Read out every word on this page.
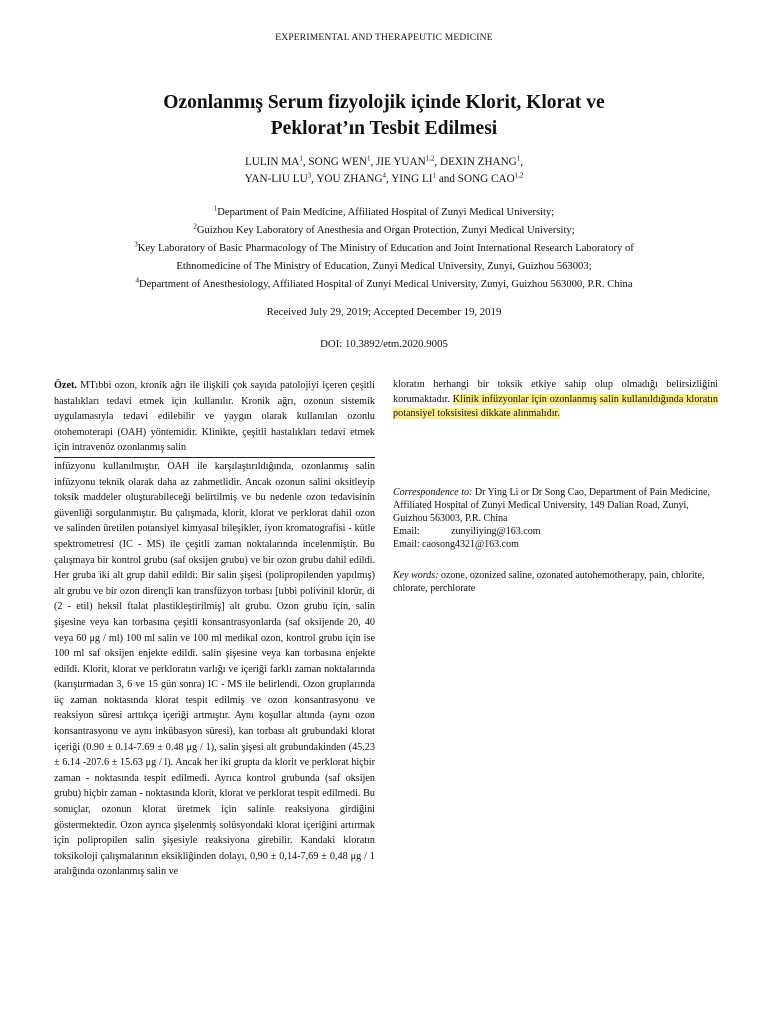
EXPERIMENTAL AND THERAPEUTIC MEDICINE
Ozonlanmış Serum fizyolojik içinde Klorit, Klorat ve
Peklorat’ın Tesbit Edilmesi
LULIN $MA^1$, SONG WEN$^1$, JIE YUAN$^{1,2}$, DEXIN ZHANG$^1$,
YAN-LIU $LU^3$, YOU ZHANG$^4$, YING $LI^1$ and SONG CAO$^{1,2}$
$^1$Department of Pain Medicine, Affiliated Hospital of Zunyi Medical University;
$^2$Guizhou Key Laboratory of Anesthesia and Organ Protection, Zunyi Medical University;
$^3$Key Laboratory of Basic Pharmacology of The Ministry of Education and Joint International Research Laboratory of
Ethnomedicine of The Ministry of Education, Zunyi Medical University, Zunyi, Guizhou 563003;
$^4$Department of Anesthesiology, Affiliated Hospital of Zunyi Medical University, Zunyi, Guizhou 563000, P.R. China
Received July 29, 2019; Accepted December 19, 2019
DOI: 10.3892/etm.2020.9005

Özet. MTıbbi ozon, kronik ağrı ile ilişkili çok sayıda patolojiyi içeren çeşitli hastalıkları tedavi etmek için kullanılır. Kronik ağrı, ozonun sistemik uygulamasıyla tedavi edilebilir ve yaygın olarak kullanılan ozonlu otohemoterapi (OAH) yöntemidir. Klinikte, çeşitli hastalıkları tedavi etmek için intravenöz ozonlanmış salin

infüzyonu kullanılmıştır. OAH ile karşılaştırıldığında, ozonlanmış salin infüzyonu teknik olarak daha az zahmetlidir. Ancak ozonun salini oksitleyip toksik maddeler oluşturabileceği belirtilmiş ve bu nedenle ozon tedavisinin güvenliği sorgulanmıştır. Bu çalışmada, klorit, klorat ve perklorat dahil ozon ve salinden üretilen potansiyel kimyasal bileşikler, iyon kromatografisi - kütle spektrometresi (IC - MS) ile çeşitli zaman noktalarında incelenmiştir. Bu çalışmaya bir kontrol grubu (saf oksijen grubu) ve bir ozon grubu dahil edildi. Her gruba iki alt grup dahil edildi: Bir salin şişesi (polipropilenden yapılmış) alt grubu ve bir ozon dirençli kan transfüzyon torbası [tıbbi polivinil klorür, di (2 - etil) heksil ftalat plastikleştirilmiş] alt grubu. Ozon grubu için, salin şişesine veya kan torbasına çeşitli konsantrasyonlarda (saf oksijende 20, 40 veya 60 μg / ml) 100 ml salin ve 100 ml medikal ozon, kontrol grubu için ise 100 ml saf oksijen enjekte edildi. salin şişesine veya kan torbasına enjekte edildi. Klorit, klorat ve perkloratın varlığı ve içeriği farklı zaman noktalarında (karıştırmadan 3, 6 ve 15 gün sonra) IC - MS ile belirlendi. Ozon gruplarında üç zaman noktasında klorat tespit edilmiş ve ozon konsantrasyonu ve reaksiyon süresi arttıkça içeriği artmıştır. Aynı koşullar altında (aynı ozon konsantrasyonu ve aynı inkübasyon süresi), kan torbası alt grubundaki klorat içeriği (0.90 ± 0.14-7.69 ± 0.48 μg / 1), salin şişesi alt grubundakinden (45.23 ± 6.14 -207.6 ± 15.63 μg / l). Ancak her iki grupta da klorit ve perklorat hiçbir zaman - noktasında tespit edilmedi. Ayrıca kontrol grubunda (saf oksijen grubu) hiçbir zaman - noktasında klorit, klorat ve perklorat tespit edilmedi. Bu sonuçlar, ozonun klorat üretmek için salinle reaksiyona girdiğini göstermektedir. Ozon ayrıca şişelenmiş solüsyondaki klorat içeriğini artırmak için polipropilen salin şişesiyle reaksiyona girebilir. Kandaki kloratın toksikoloji çalışmalarının eksikliğinden dolayı, 0,90 ± 0,14-7,69 ± 0,48 μg / 1 aralığında ozonlanmış salin ve

kloratın herhangi bir toksik etkiye sahip olup olmadığı belirsizliğini korumaktadır. Klinik infüzyonlar için ozonlanmış salin kullanıldığında kloratın potansiyel toksisitesi dikkate alınmalıdır.

Correspondence to: Dr Ying Li or Dr Song Cao, Department of Pain Medicine, Affiliated Hospital of Zunyi Medical University, 149 Dalian Road, Zunyi, Guizhou 563003, P.R. China
Email:	zunyiliying@163.com
Email: caosong4321@163.com
Key words: ozone, ozonized saline, ozonated autohemotherapy, pain, chlorite, chlorate, perchlorate
